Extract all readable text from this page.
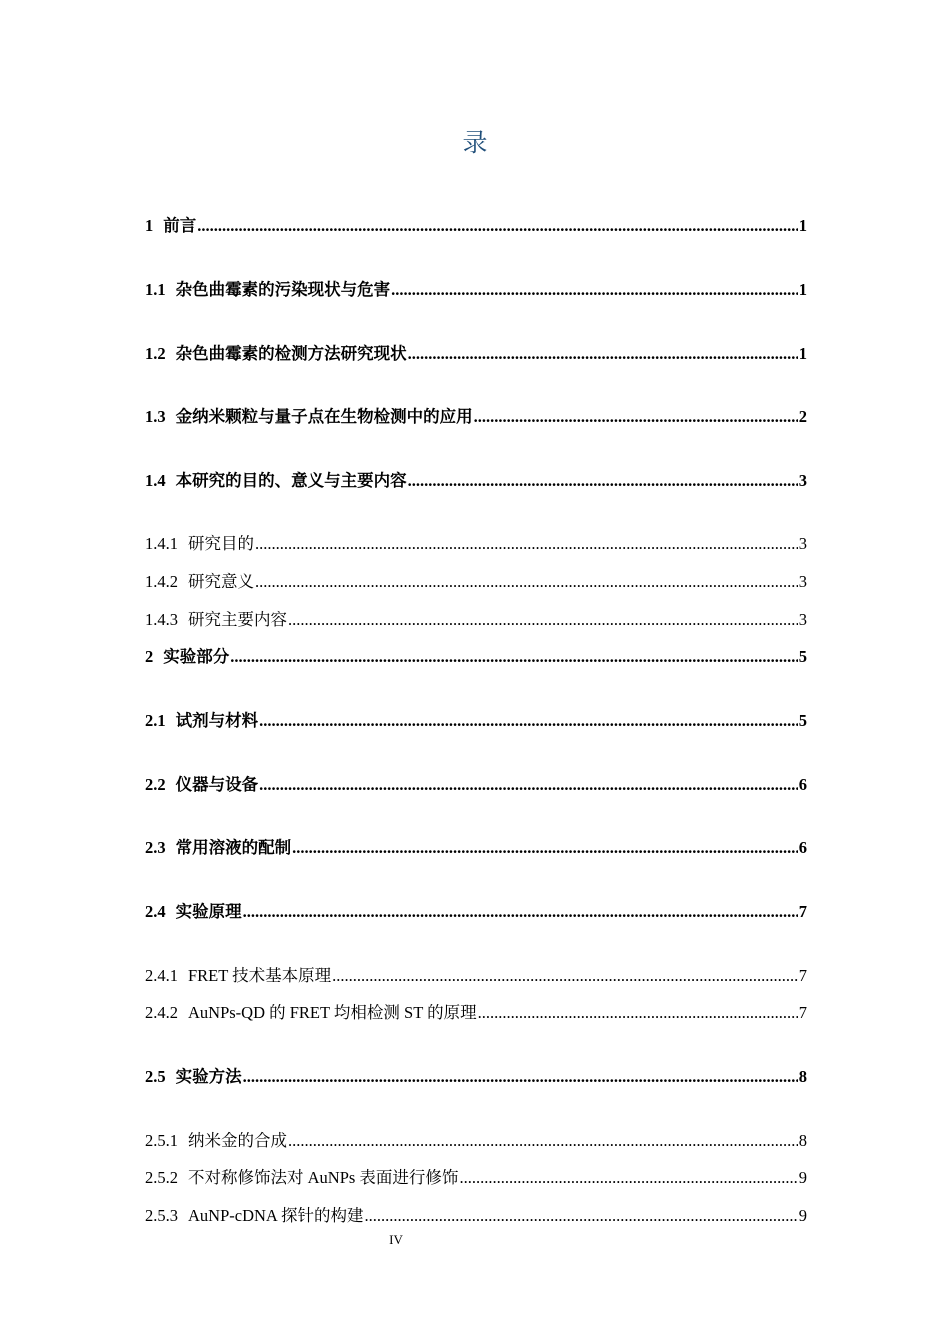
录
1 前言 .....	1
1.1 杂色曲霉素的污染现状与危害 .....	1
1.2 杂色曲霉素的检测方法研究现状 .....	1
1.3 金纳米颗粒与量子点在生物检测中的应用 .....	2
1.4 本研究的目的、意义与主要内容 .....	3
1.4.1 研究目的 .....	3
1.4.2 研究意义 .....	3
1.4.3 研究主要内容 .....	3
2 实验部分 .....	5
2.1 试剂与材料 .....	5
2.2 仪器与设备 .....	6
2.3 常用溶液的配制 .....	6
2.4 实验原理 .....	7
2.4.1 FRET 技术基本原理 .....	7
2.4.2 AuNPs-QD 的 FRET 均相检测 ST 的原理 .....	7
2.5 实验方法 .....	8
2.5.1 纳米金的合成 .....	8
2.5.2 不对称修饰法对 AuNPs 表面进行修饰 .....	9
2.5.3 AuNP-cDNA 探针的构建 .....	9
IV
